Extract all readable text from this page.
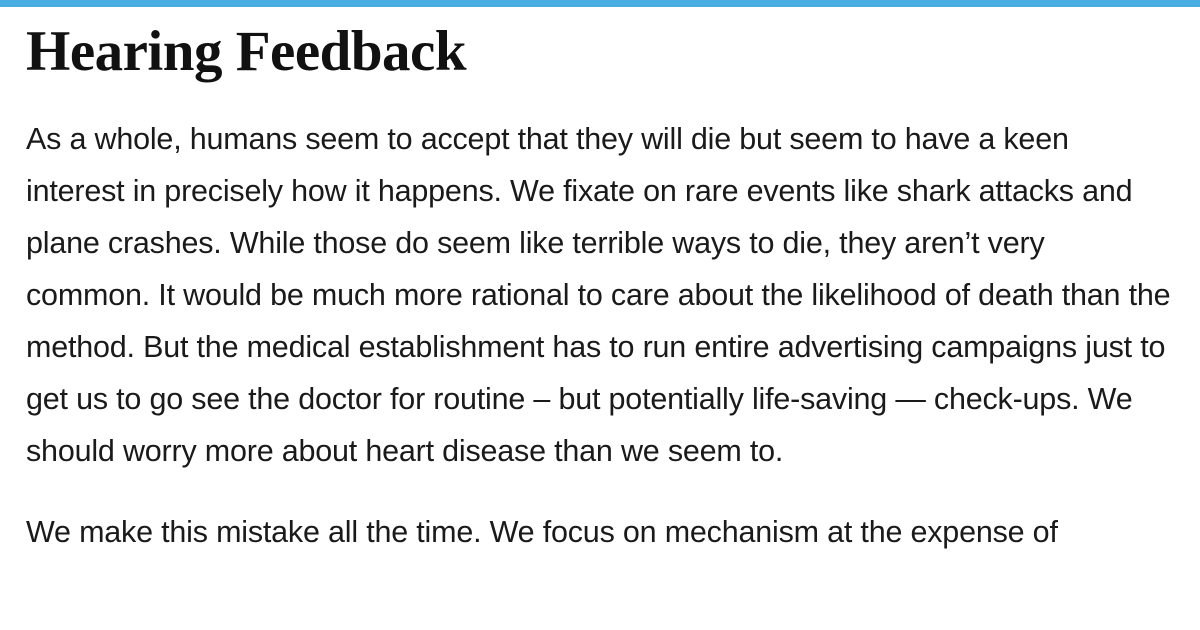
Hearing Feedback

As a whole, humans seem to accept that they will die but seem to have a keen interest in precisely how it happens. We fixate on rare events like shark attacks and plane crashes. While those do seem like terrible ways to die, they aren’t very common. It would be much more rational to care about the likelihood of death than the method. But the medical establishment has to run entire advertising campaigns just to get us to go see the doctor for routine – but potentially life-saving — check-ups. We should worry more about heart disease than we seem to.

We make this mistake all the time. We focus on mechanism at the expense of
